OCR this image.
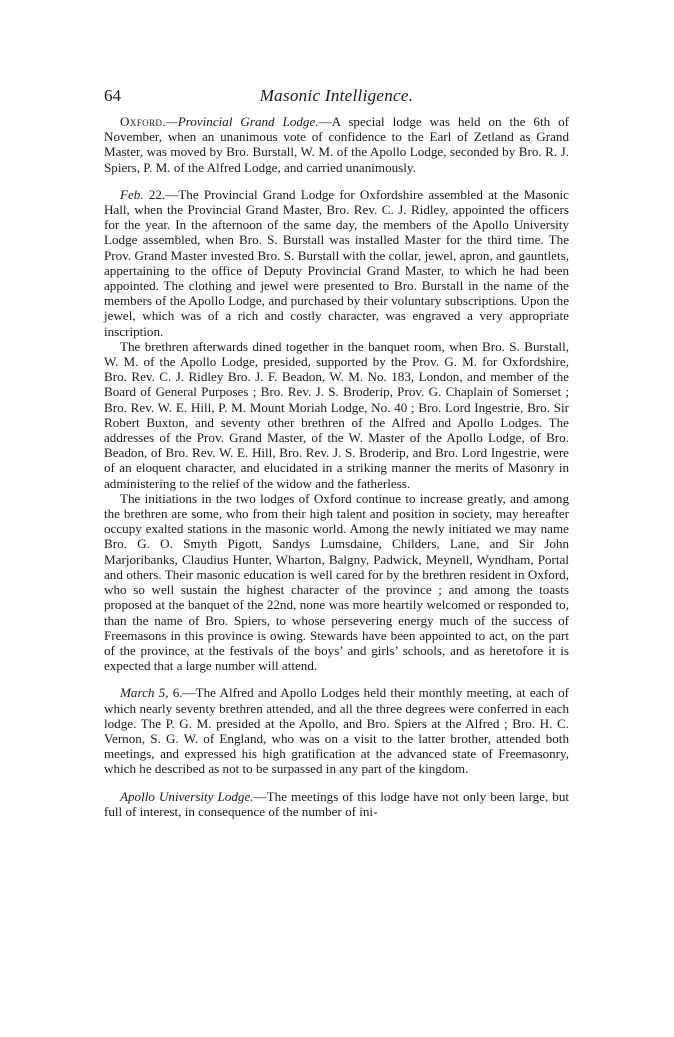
64	Masonic Intelligence.

Oxford.—Provincial Grand Lodge.—A special lodge was held on the 6th of November, when an unanimous vote of confidence to the Earl of Zetland as Grand Master, was moved by Bro. Burstall, W. M. of the Apollo Lodge, seconded by Bro. R. J. Spiers, P. M. of the Alfred Lodge, and carried unanimously.

Feb. 22.—The Provincial Grand Lodge for Oxfordshire assembled at the Masonic Hall, when the Provincial Grand Master, Bro. Rev. C. J. Ridley, appointed the officers for the year. In the afternoon of the same day, the members of the Apollo University Lodge assembled, when Bro. S. Burstall was installed Master for the third time. The Prov. Grand Master invested Bro. S. Burstall with the collar, jewel, apron, and gauntlets, appertaining to the office of Deputy Provincial Grand Master, to which he had been appointed. The clothing and jewel were presented to Bro. Burstall in the name of the members of the Apollo Lodge, and purchased by their voluntary subscriptions. Upon the jewel, which was of a rich and costly character, was engraved a very appropriate inscription.

The brethren afterwards dined together in the banquet room, when Bro. S. Burstall, W. M. of the Apollo Lodge, presided, supported by the Prov. G. M. for Oxfordshire, Bro. Rev. C. J. Ridley Bro. J. F. Beadon, W. M. No. 183, London, and member of the Board of General Purposes ; Bro. Rev. J. S. Broderip, Prov. G. Chaplain of Somerset ; Bro. Rev. W. E. Hill, P. M. Mount Moriah Lodge, No. 40 ; Bro. Lord Ingestrie, Bro. Sir Robert Buxton, and seventy other brethren of the Alfred and Apollo Lodges. The addresses of the Prov. Grand Master, of the W. Master of the Apollo Lodge, of Bro. Beadon, of Bro. Rev. W. E. Hill, Bro. Rev. J. S. Broderip, and Bro. Lord Ingestrie, were of an eloquent character, and elucidated in a striking manner the merits of Masonry in administering to the relief of the widow and the fatherless.

The initiations in the two lodges of Oxford continue to increase greatly, and among the brethren are some, who from their high talent and position in society, may hereafter occupy exalted stations in the masonic world. Among the newly initiated we may name Bro. G. O. Smyth Pigott, Sandys Lumsdaine, Childers, Lane, and Sir John Marjoribanks, Claudius Hunter, Wharton, Balgny, Padwick, Meynell, Wyndham, Portal and others. Their masonic education is well cared for by the brethren resident in Oxford, who so well sustain the highest character of the province ; and among the toasts proposed at the banquet of the 22nd, none was more heartily welcomed or responded to, than the name of Bro. Spiers, to whose persevering energy much of the success of Freemasons in this province is owing. Stewards have been appointed to act, on the part of the province, at the festivals of the boys’ and girls’ schools, and as heretofore it is expected that a large number will attend.

March 5, 6.—The Alfred and Apollo Lodges held their monthly meeting, at each of which nearly seventy brethren attended, and all the three degrees were conferred in each lodge. The P. G. M. presided at the Apollo, and Bro. Spiers at the Alfred ; Bro. H. C. Vernon, S. G. W. of England, who was on a visit to the latter brother, attended both meetings, and expressed his high gratification at the advanced state of Freemasonry, which he described as not to be surpassed in any part of the kingdom.

Apollo University Lodge.—The meetings of this lodge have not only been large, but full of interest, in consequence of the number of ini-
